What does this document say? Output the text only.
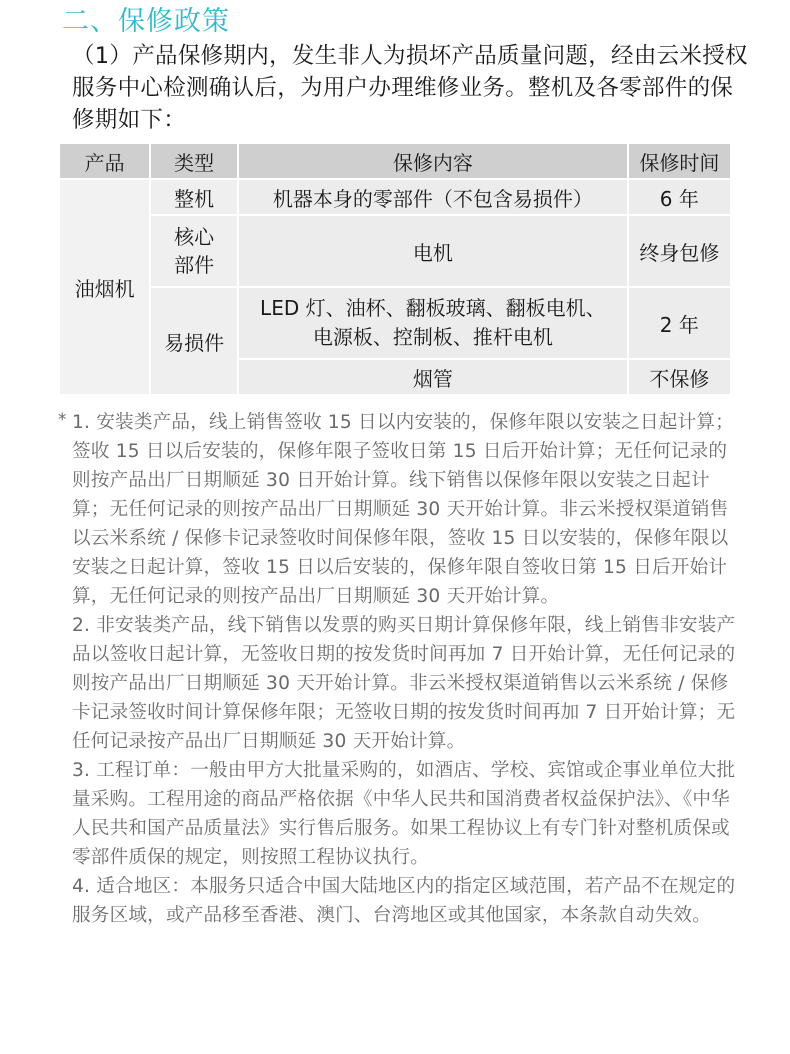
二、保修政策
（1）产品保修期内，发生非人为损坏产品质量问题，经由云米授权服务中心检测确认后，为用户办理维修业务。整机及各零部件的保修期如下：
产品	类型	保修内容	保修时间
油烟机	整机	机器本身的零部件（不包含易损件）	6 年
	核心部件	电机	终身包修
	易损件	LED 灯、油杯、翻板玻璃、翻板电机、电源板、控制板、推杆电机	2 年
		烟管	不保修
* 1. 安装类产品，线上销售签收 15 日以内安装的，保修年限以安装之日起计算；签收 15 日以后安装的，保修年限子签收日第 15 日后开始计算；无任何记录的则按产品出厂日期顺延 30 日开始计算。线下销售以保修年限以安装之日起计算；无任何记录的则按产品出厂日期顺延 30 天开始计算。非云米授权渠道销售以云米系统 / 保修卡记录签收时间保修年限，签收 15 日以安装的，保修年限以安装之日起计算，签收 15 日以后安装的，保修年限自签收日第 15 日后开始计算，无任何记录的则按产品出厂日期顺延 30 天开始计算。

2. 非安装类产品，线下销售以发票的购买日期计算保修年限，线上销售非安装产品以签收日起计算，无签收日期的按发货时间再加 7 日开始计算，无任何记录的则按产品出厂日期顺延 30 天开始计算。非云米授权渠道销售以云米系统 / 保修卡记录签收时间计算保修年限；无签收日期的按发货时间再加 7 日开始计算；无任何记录按产品出厂日期顺延 30 天开始计算。

3. 工程订单：一般由甲方大批量采购的，如酒店、学校、宾馆或企事业单位大批量采购。工程用途的商品严格依据《中华人民共和国消费者权益保护法》、《中华人民共和国产品质量法》实行售后服务。如果工程协议上有专门针对整机质保或零部件质保的规定，则按照工程协议执行。

4. 适合地区：本服务只适合中国大陆地区内的指定区域范围，若产品不在规定的服务区域，或产品移至香港、澳门、台湾地区或其他国家，本条款自动失效。
